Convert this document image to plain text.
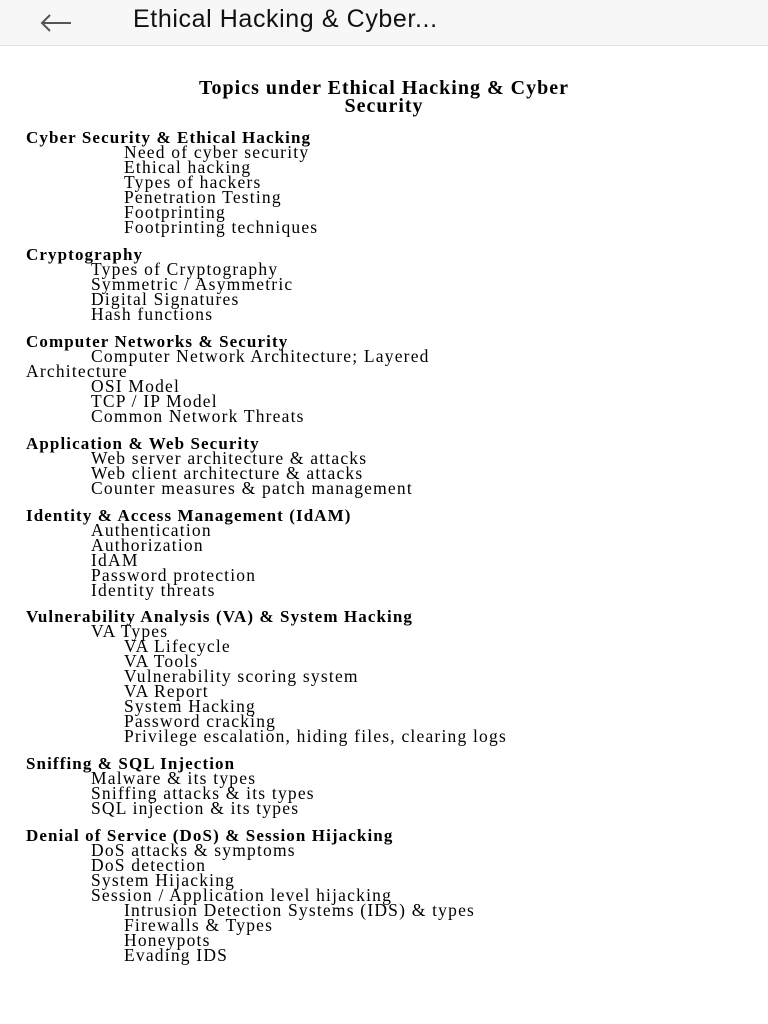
Ethical Hacking & Cyber...
Topics under Ethical Hacking & Cyber
Security
Cyber Security & Ethical Hacking
Need of cyber security
Ethical hacking
Types of hackers
Penetration Testing
Footprinting
Footprinting techniques
Cryptography
Types of Cryptography
Symmetric / Asymmetric
Digital Signatures
Hash functions
Computer Networks & Security
Computer Network Architecture; Layered
Architecture
OSI Model
TCP / IP Model
Common Network Threats
Application & Web Security
Web server architecture & attacks
Web client architecture & attacks
Counter measures & patch management
Identity & Access Management (IdAM)
Authentication
Authorization
IdAM
Password protection
Identity threats
Vulnerability Analysis (VA) & System Hacking
VA Types
VA Lifecycle
VA Tools
Vulnerability scoring system
VA Report
System Hacking
Password cracking
Privilege escalation, hiding files, clearing logs
Sniffing & SQL Injection
Malware & its types
Sniffing attacks & its types
SQL injection & its types
Denial of Service (DoS) & Session Hijacking
DoS attacks & symptoms
DoS detection
System Hijacking
Session / Application level hijacking
Intrusion Detection Systems (IDS) & types
Firewalls & Types
Honeypots
Evading IDS
